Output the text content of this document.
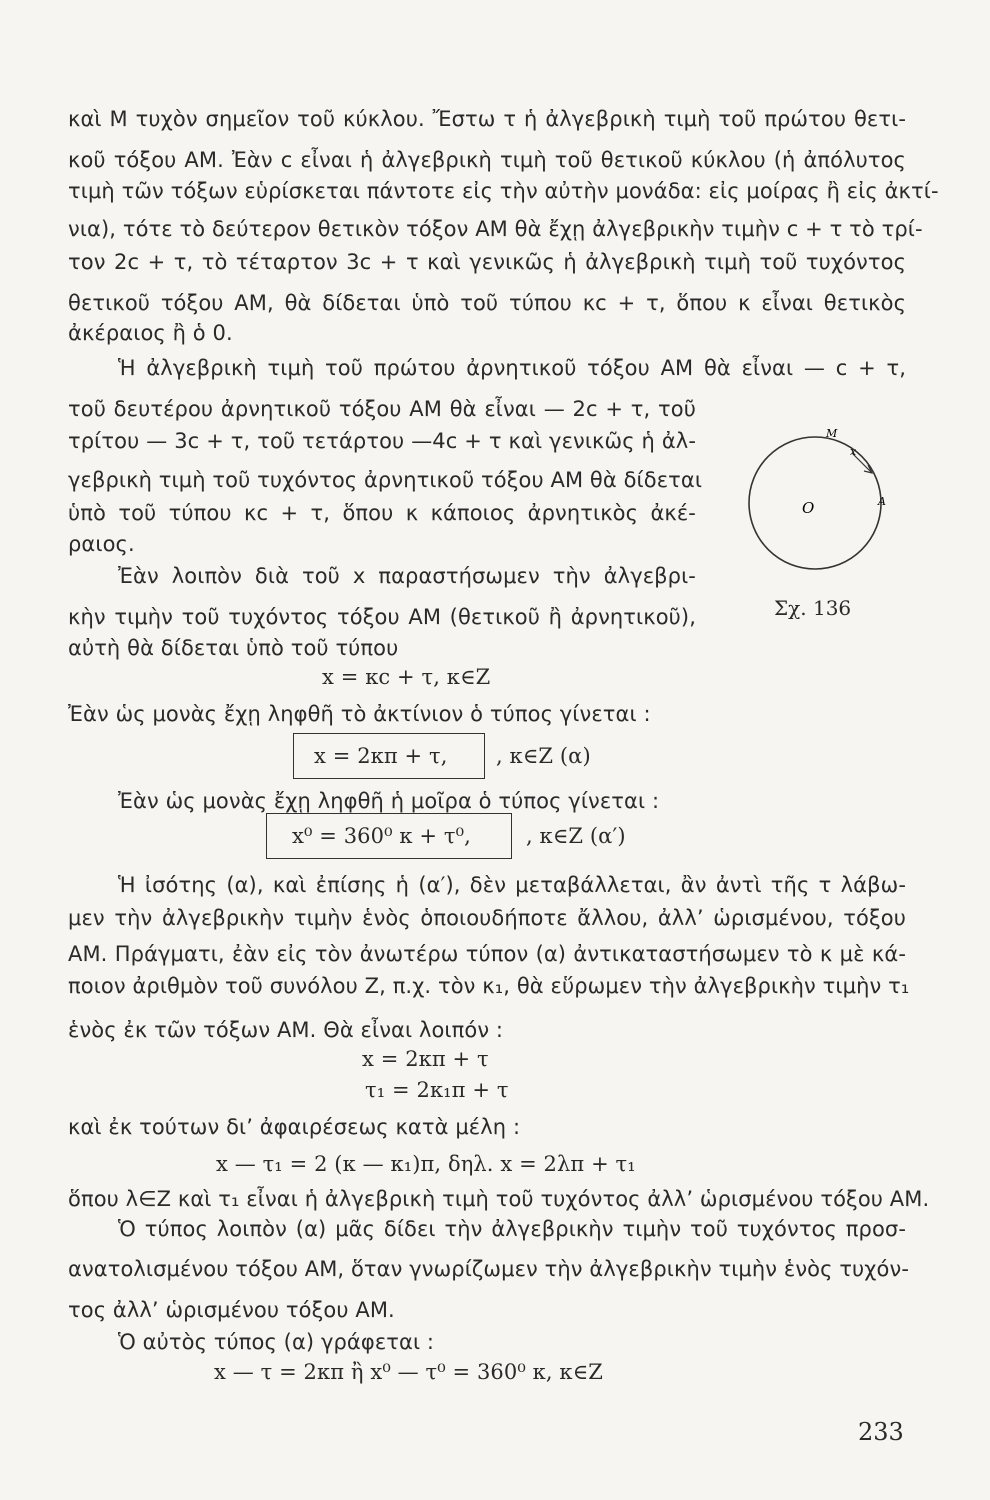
καὶ Μ τυχὸν σημεῖον τοῦ κύκλου. Ἔστω τ ἡ ἀλγεβρικὴ τιμὴ τοῦ πρώτου θετι-
κοῦ τόξου ΑΜ. Ἐὰν c εἶναι ἡ ἀλγεβρικὴ τιμὴ τοῦ θετικοῦ κύκλου (ἡ ἀπόλυτος
τιμὴ τῶν τόξων εὑρίσκεται πάντοτε εἰς τὴν αὐτὴν μονάδα: εἰς μοίρας ἢ εἰς ἀκτί-
νια), τότε τὸ δεύτερον θετικὸν τόξον ΑΜ θὰ ἔχῃ ἀλγεβρικὴν τιμὴν c + τ τὸ τρί-
τον 2c + τ, τὸ τέταρτον 3c + τ καὶ γενικῶς ἡ ἀλγεβρικὴ τιμὴ τοῦ τυχόντος
θετικοῦ τόξου ΑΜ, θὰ δίδεται ὑπὸ τοῦ τύπου κc + τ, ὅπου κ εἶναι θετικὸς
ἀκέραιος ἢ ὁ 0.
Ἡ ἀλγεβρικὴ τιμὴ τοῦ πρώτου ἀρνητικοῦ τόξου ΑΜ θὰ εἶναι — c + τ,
τοῦ δευτέρου ἀρνητικοῦ τόξου ΑΜ θὰ εἶναι — 2c + τ, τοῦ
τρίτου — 3c + τ, τοῦ τετάρτου —4c + τ καὶ γενικῶς ἡ ἀλ-
γεβρικὴ τιμὴ τοῦ τυχόντος ἀρνητικοῦ τόξου ΑΜ θὰ δίδεται
ὑπὸ τοῦ τύπου κc + τ, ὅπου κ κάποιος ἀρνητικὸς ἀκέ-
ραιος.
Ἐὰν λοιπὸν διὰ τοῦ x παραστήσωμεν τὴν ἀλγεβρι-
κὴν τιμὴν τοῦ τυχόντος τόξου ΑΜ (θετικοῦ ἢ ἀρνητικοῦ),
αὐτὴ θὰ δίδεται ὑπὸ τοῦ τύπου
x = κc + τ, κ∈Z
Ἐὰν ὡς μονὰς ἔχῃ ληφθῆ τὸ ἀκτίνιον ὁ τύπος γίνεται :
x = 2κπ + τ, , κ∈Z (α)
Ἐὰν ὡς μονὰς ἔχῃ ληφθῆ ἡ μοῖρα ὁ τύπος γίνεται :
x⁰ = 360⁰ κ + τ⁰,	, κ∈Z (α′)
Ἡ ἰσότης (α), καὶ ἐπίσης ἡ (α′), δὲν μεταβάλλεται, ἂν ἀντὶ τῆς τ λάβω-
μεν τὴν ἀλγεβρικὴν τιμὴν ἑνὸς ὁποιουδήποτε ἄλλου, ἀλλ’ ὡρισμένου, τόξου
ΑΜ. Πράγματι, ἐὰν εἰς τὸν ἀνωτέρω τύπον (α) ἀντικαταστήσωμεν τὸ κ μὲ κά-
ποιον ἀριθμὸν τοῦ συνόλου Ζ, π.χ. τὸν κ₁, θὰ εὕρωμεν τὴν ἀλγεβρικὴν τιμὴν τ₁
ἑνὸς ἐκ τῶν τόξων ΑΜ. Θὰ εἶναι λοιπόν :
x = 2κπ + τ
τ₁ = 2κ₁π + τ
καὶ ἐκ τούτων δι’ ἀφαιρέσεως κατὰ μέλη :
x — τ₁ = 2 (κ — κ₁)π, δηλ. x = 2λπ + τ₁
ὅπου λ∈Z καὶ τ₁ εἶναι ἡ ἀλγεβρικὴ τιμὴ τοῦ τυχόντος ἀλλ’ ὡρισμένου τόξου ΑΜ.
Ὁ τύπος λοιπὸν (α) μᾶς δίδει τὴν ἀλγεβρικὴν τιμὴν τοῦ τυχόντος προσ-
ανατολισμένου τόξου ΑΜ, ὅταν γνωρίζωμεν τὴν ἀλγεβρικὴν τιμὴν ἑνὸς τυχόν-
τος ἀλλ’ ὡρισμένου τόξου ΑΜ.
Ὁ αὐτὸς τύπος (α) γράφεται :
x — τ = 2κπ ἢ x⁰ — τ⁰ = 360⁰ κ, κ∈Z
M
x
A
O
Σχ. 136
233
